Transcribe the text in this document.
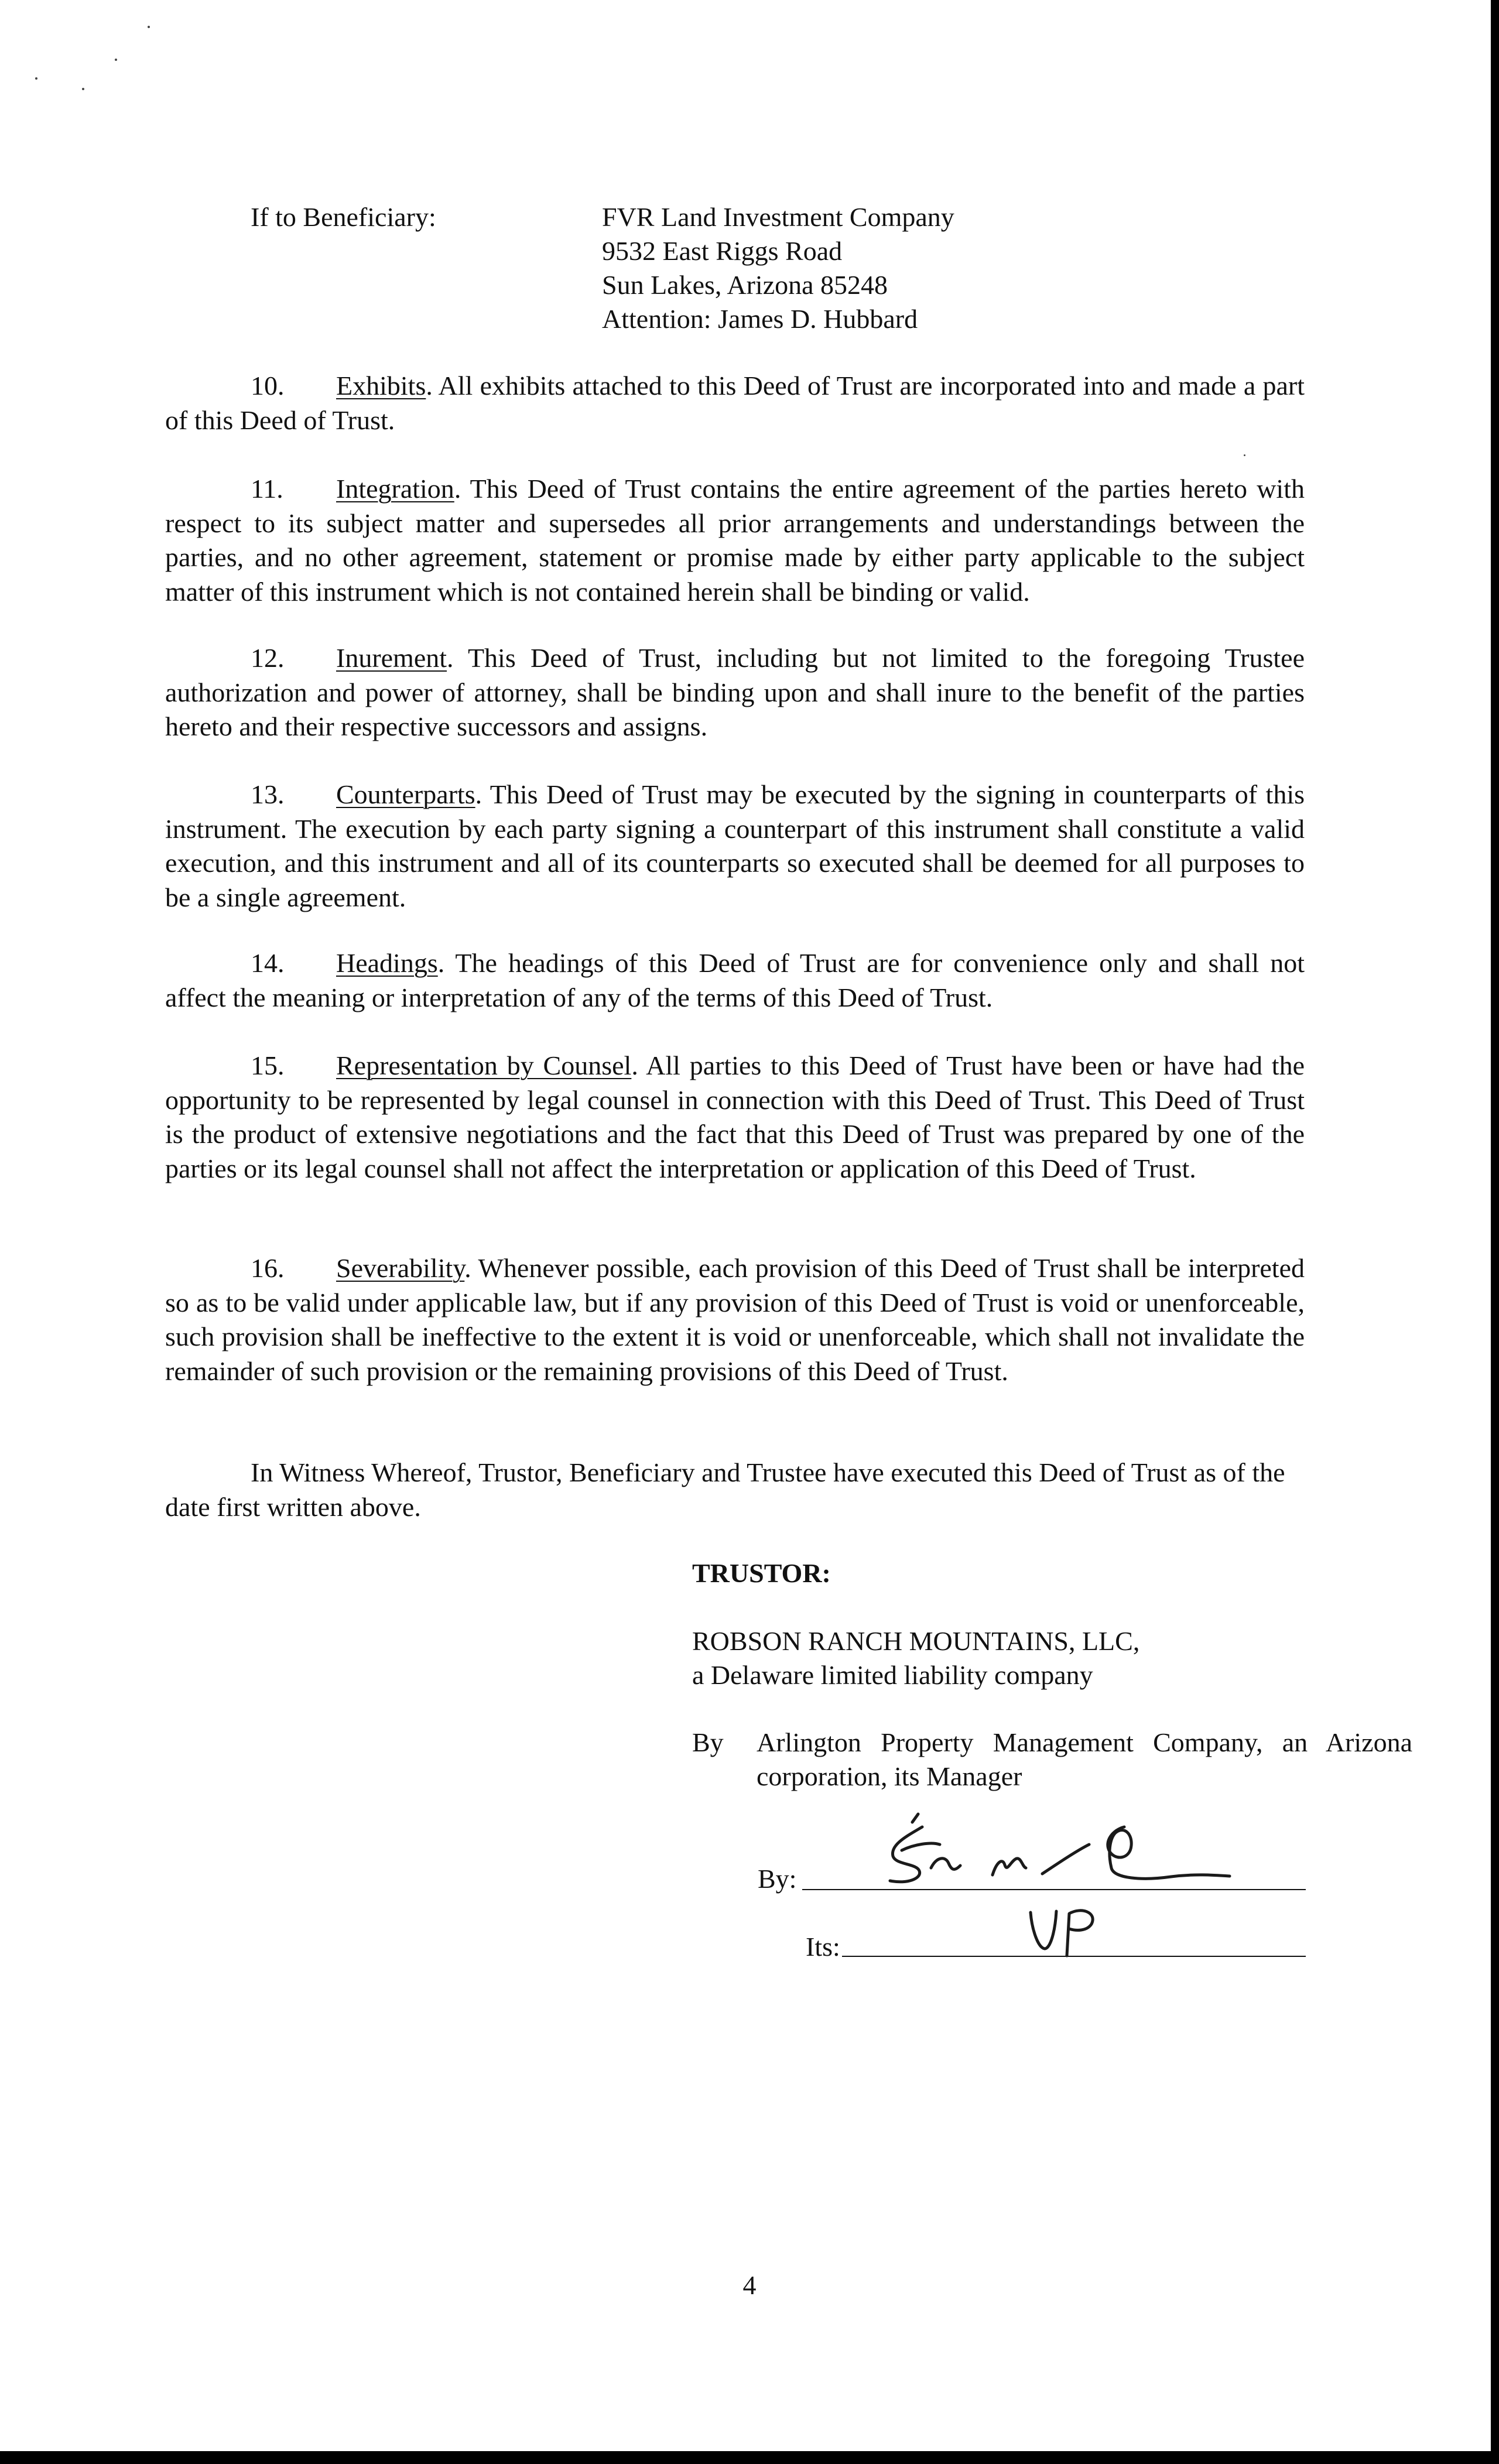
If to Beneficiary:	FVR Land Investment Company
9532 East Riggs Road
Sun Lakes, Arizona 85248
Attention: James D. Hubbard
10. Exhibits. All exhibits attached to this Deed of Trust are incorporated into and made a part of this Deed of Trust.
11. Integration. This Deed of Trust contains the entire agreement of the parties hereto with respect to its subject matter and supersedes all prior arrangements and understandings between the parties, and no other agreement, statement or promise made by either party applicable to the subject matter of this instrument which is not contained herein shall be binding or valid.
12. Inurement. This Deed of Trust, including but not limited to the foregoing Trustee authorization and power of attorney, shall be binding upon and shall inure to the benefit of the parties hereto and their respective successors and assigns.
13. Counterparts. This Deed of Trust may be executed by the signing in counterparts of this instrument. The execution by each party signing a counterpart of this instrument shall constitute a valid execution, and this instrument and all of its counterparts so executed shall be deemed for all purposes to be a single agreement.
14. Headings. The headings of this Deed of Trust are for convenience only and shall not affect the meaning or interpretation of any of the terms of this Deed of Trust.
15. Representation by Counsel. All parties to this Deed of Trust have been or have had the opportunity to be represented by legal counsel in connection with this Deed of Trust. This Deed of Trust is the product of extensive negotiations and the fact that this Deed of Trust was prepared by one of the parties or its legal counsel shall not affect the interpretation or application of this Deed of Trust.
16. Severability. Whenever possible, each provision of this Deed of Trust shall be interpreted so as to be valid under applicable law, but if any provision of this Deed of Trust is void or unenforceable, such provision shall be ineffective to the extent it is void or unenforceable, which shall not invalidate the remainder of such provision or the remaining provisions of this Deed of Trust.
In Witness Whereof, Trustor, Beneficiary and Trustee have executed this Deed of Trust as of the date first written above.
TRUSTOR:
ROBSON RANCH MOUNTAINS, LLC,
a Delaware limited liability company
By Arlington Property Management Company, an Arizona corporation, its Manager
By:
Its:
4
